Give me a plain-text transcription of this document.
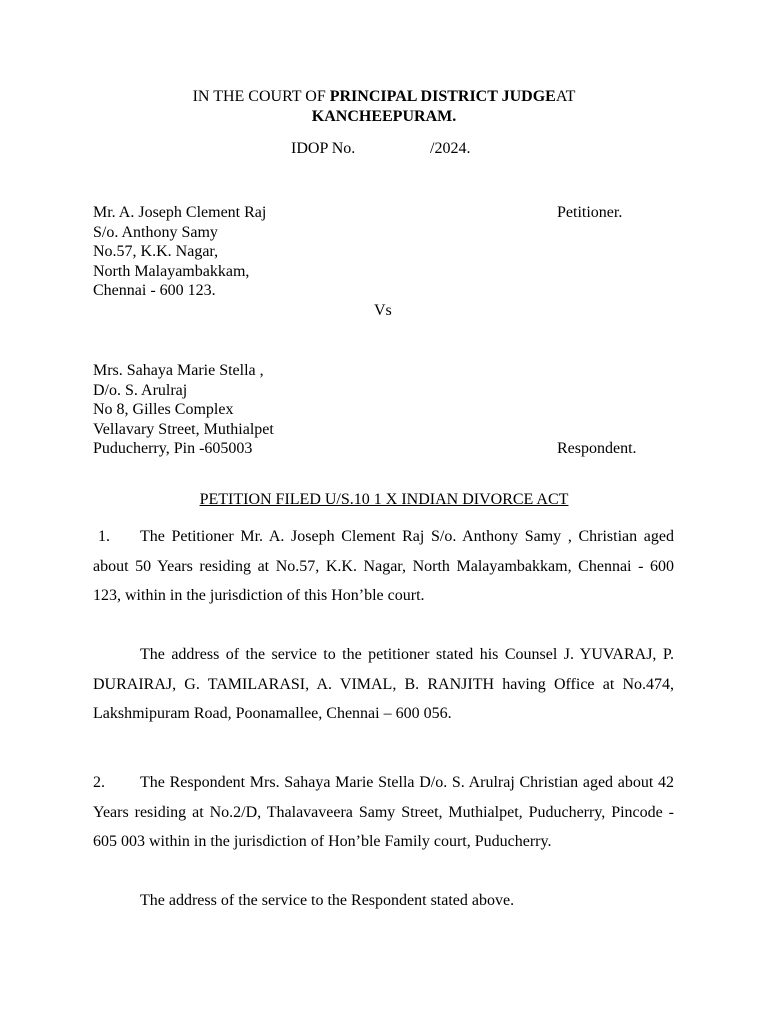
IN THE COURT OF PRINCIPAL DISTRICT JUDGEAT
KANCHEEPURAM.
IDOP No.	/2024.
Mr. A. Joseph Clement Raj
S/o. Anthony Samy
No.57, K.K. Nagar,
North Malayambakkam,
Chennai - 600 123.
Petitioner.
Vs
Mrs. Sahaya Marie Stella ,
D/o. S. Arulraj
No 8, Gilles Complex
Vellavary Street, Muthialpet
Puducherry, Pin -605003	Respondent.
PETITION FILED U/S.10 1 X INDIAN DIVORCE ACT
1. The Petitioner Mr. A. Joseph Clement Raj S/o. Anthony Samy , Christian aged about 50 Years residing at No.57, K.K. Nagar, North Malayambakkam, Chennai - 600 123, within in the jurisdiction of this Hon’ble court.
The address of the service to the petitioner stated his Counsel J. YUVARAJ, P. DURAIRAJ, G. TAMILARASI, A. VIMAL, B. RANJITH having Office at No.474, Lakshmipuram Road, Poonamallee, Chennai – 600 056.
2. The Respondent Mrs. Sahaya Marie Stella D/o. S. Arulraj Christian aged about 42 Years residing at No.2/D, Thalavaveera Samy Street, Muthialpet, Puducherry, Pincode - 605 003 within in the jurisdiction of Hon’ble Family court, Puducherry.
The address of the service to the Respondent stated above.
